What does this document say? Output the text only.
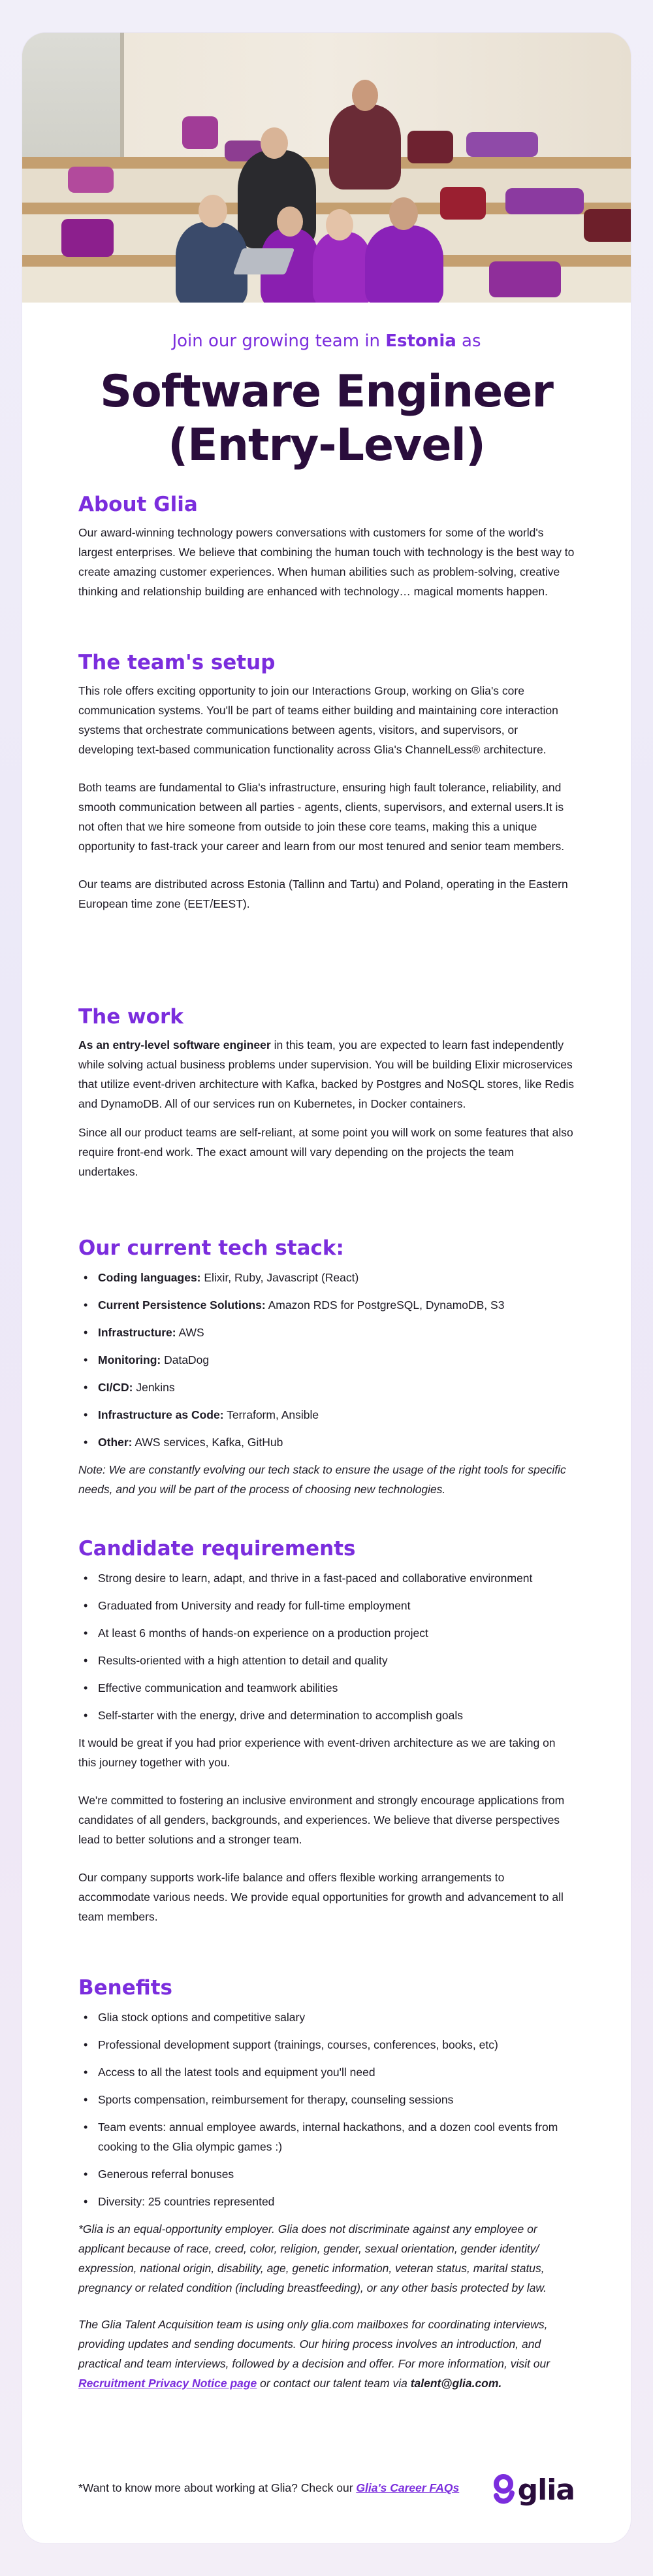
Join our growing team in Estonia as
Software Engineer
(Entry-Level)
About Glia

Our award-winning technology powers conversations with customers for some of the world's largest enterprises. We believe that combining the human touch with technology is the best way to create amazing customer experiences. When human abilities such as problem-solving, creative thinking and relationship building are enhanced with technology… magical moments happen.

The team's setup

This role offers exciting opportunity to join our Interactions Group, working on Glia's core communication systems. You'll be part of teams either building and maintaining core interaction systems that orchestrate communications between agents, visitors, and supervisors, or developing text-based communication functionality across Glia's ChannelLess® architecture.

Both teams are fundamental to Glia's infrastructure, ensuring high fault tolerance, reliability, and smooth communication between all parties - agents, clients, supervisors, and external users.It is not often that we hire someone from outside to join these core teams, making this a unique opportunity to fast-track your career and learn from our most tenured and senior team members.

Our teams are distributed across Estonia (Tallinn and Tartu) and Poland, operating in the Eastern European time zone (EET/EEST).

The work

As an entry-level software engineer in this team, you are expected to learn fast independently while solving actual business problems under supervision. You will be building Elixir microservices that utilize event-driven architecture with Kafka, backed by Postgres and NoSQL stores, like Redis and DynamoDB. All of our services run on Kubernetes, in Docker containers.

Since all our product teams are self-reliant, at some point you will work on some features that also require front-end work. The exact amount will vary depending on the projects the team undertakes.

Our current tech stack:
• Coding languages: Elixir, Ruby, Javascript (React)
• Current Persistence Solutions: Amazon RDS for PostgreSQL, DynamoDB, S3
• Infrastructure: AWS
• Monitoring: DataDog
• CI/CD: Jenkins
• Infrastructure as Code: Terraform, Ansible
• Other: AWS services, Kafka, GitHub

Note: We are constantly evolving our tech stack to ensure the usage of the right tools for specific needs, and you will be part of the process of choosing new technologies.

Candidate requirements
• Strong desire to learn, adapt, and thrive in a fast-paced and collaborative environment
• Graduated from University and ready for full-time employment
• At least 6 months of hands-on experience on a production project
• Results-oriented with a high attention to detail and quality
• Effective communication and teamwork abilities
• Self-starter with the energy, drive and determination to accomplish goals

It would be great if you had prior experience with event-driven architecture as we are taking on this journey together with you.

We're committed to fostering an inclusive environment and strongly encourage applications from candidates of all genders, backgrounds, and experiences. We believe that diverse perspectives lead to better solutions and a stronger team.

Our company supports work-life balance and offers flexible working arrangements to accommodate various needs. We provide equal opportunities for growth and advancement to all team members.

Benefits
• Glia stock options and competitive salary
• Professional development support (trainings, courses, conferences, books, etc)
• Access to all the latest tools and equipment you'll need
• Sports compensation, reimbursement for therapy, counseling sessions
• Team events: annual employee awards, internal hackathons, and a dozen cool events from cooking to the Glia olympic games :)
• Generous referral bonuses
• Diversity: 25 countries represented

*Glia is an equal-opportunity employer. Glia does not discriminate against any employee or applicant because of race, creed, color, religion, gender, sexual orientation, gender identity/ expression, national origin, disability, age, genetic information, veteran status, marital status, pregnancy or related condition (including breastfeeding), or any other basis protected by law.

The Glia Talent Acquisition team is using only glia.com mailboxes for coordinating interviews, providing updates and sending documents. Our hiring process involves an introduction, and practical and team interviews, followed by a decision and offer. For more information, visit our Recruitment Privacy Notice page or contact our talent team via talent@glia.com.

*Want to know more about working at Glia? Check our Glia's Career FAQs glia
